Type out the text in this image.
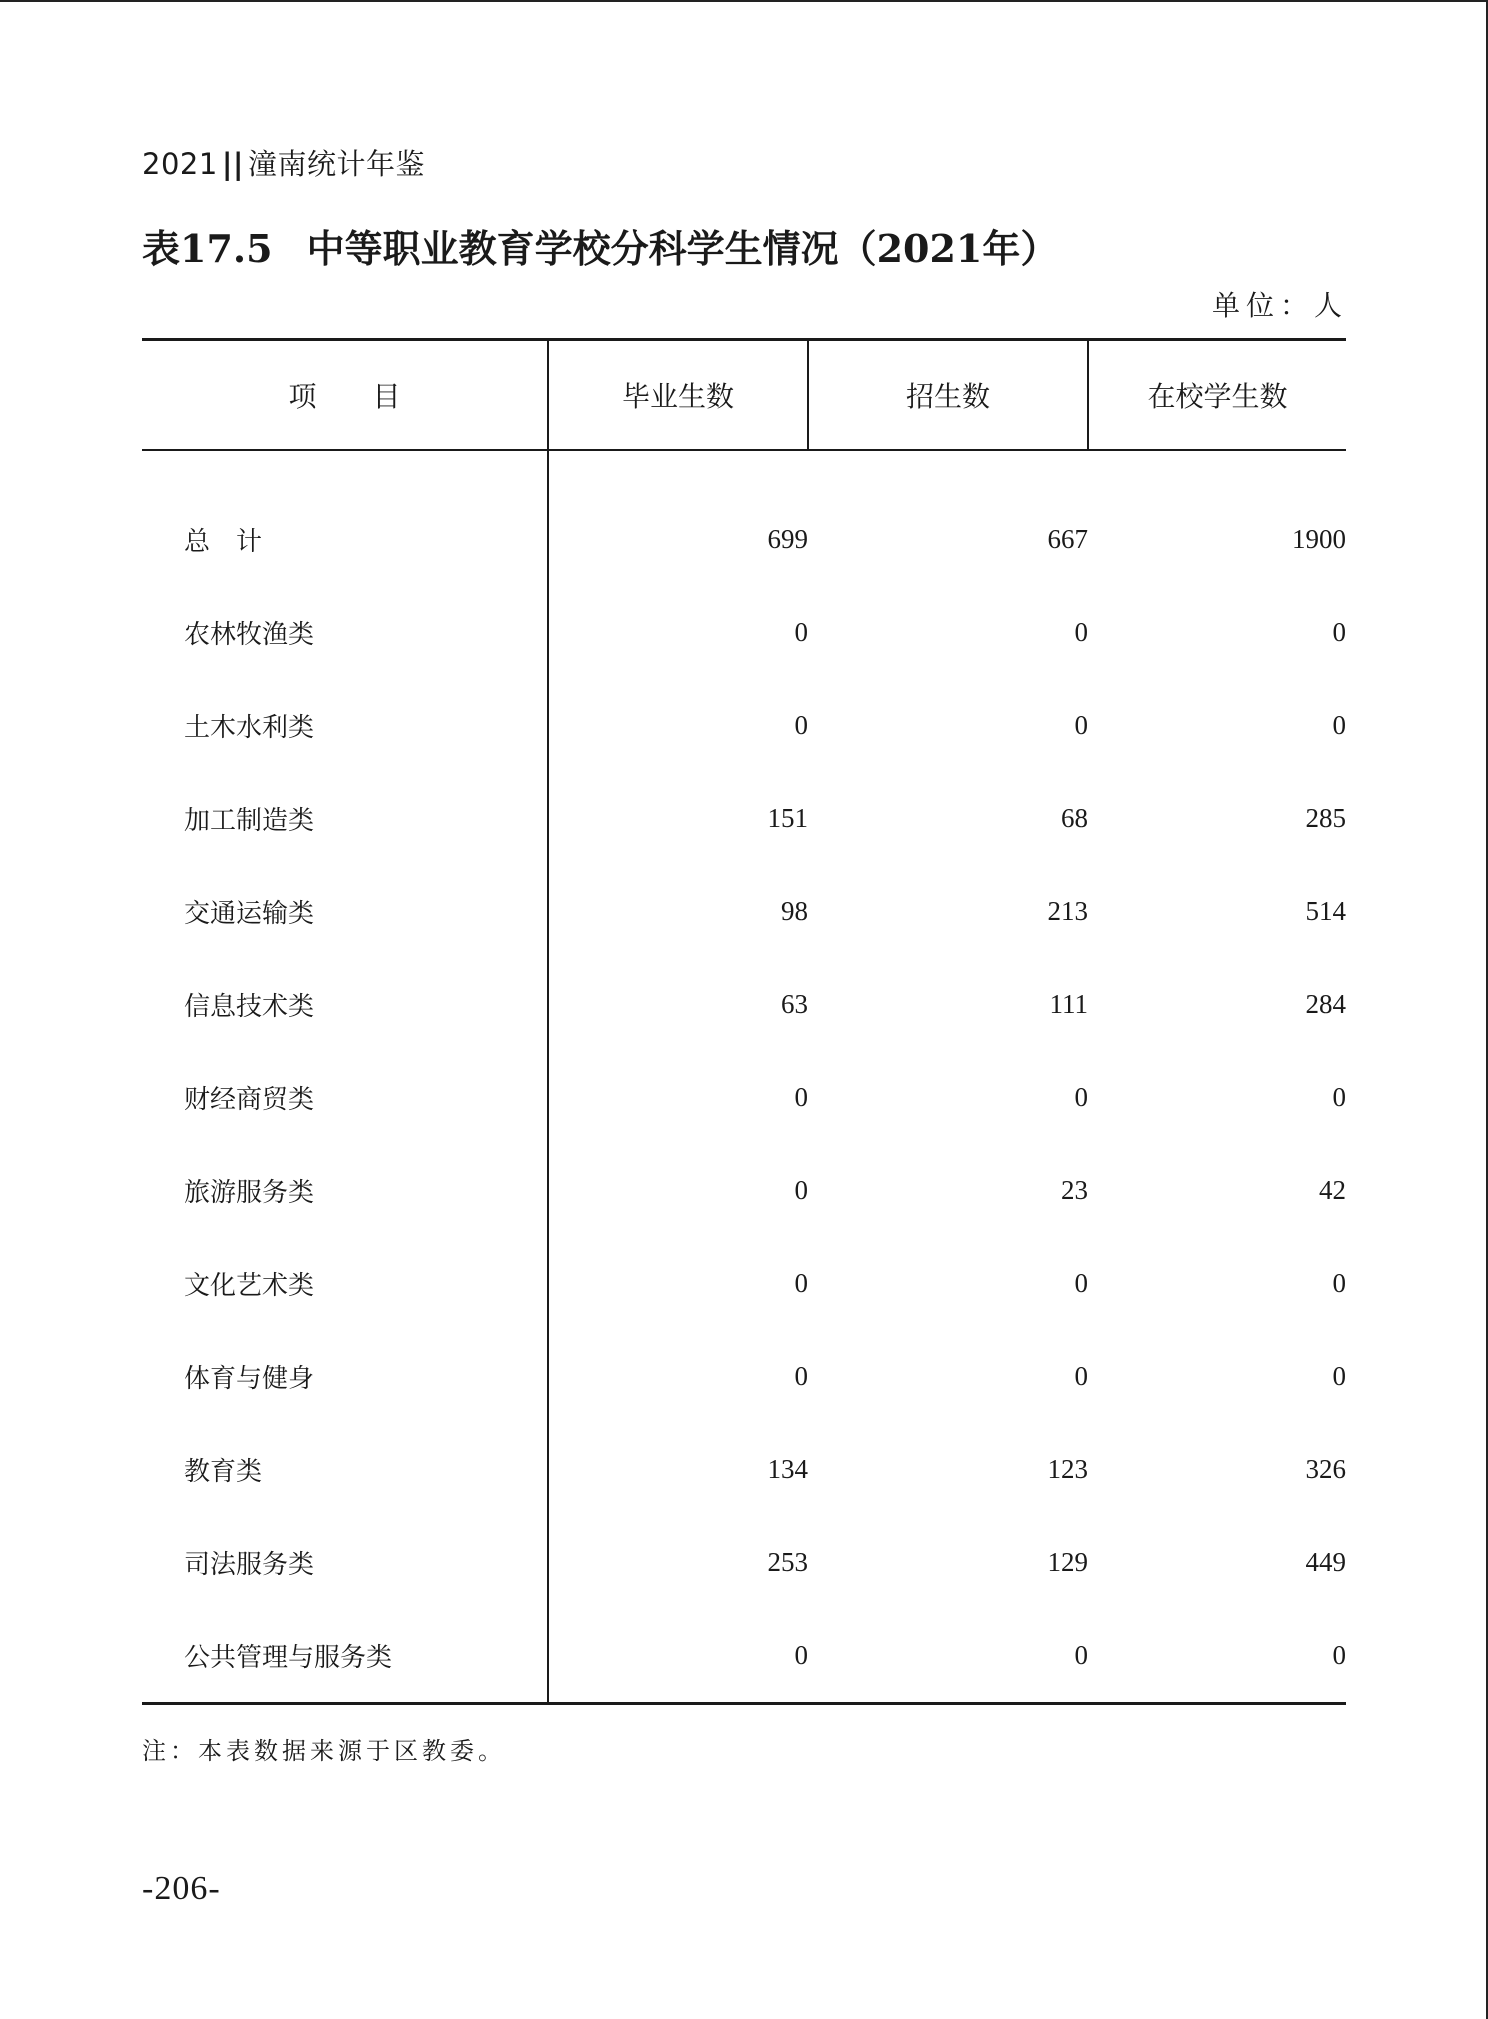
2021 || 潼南统计年鉴
表17.5 中等职业教育学校分科学生情况（2021年）
单位：人
项　　目	毕业生数	招生数	在校学生数

总　计	699	667	1900
农林牧渔类	0	0	0
土木水利类	0	0	0
加工制造类	151	68	285
交通运输类	98	213	514
信息技术类	63	111	284
财经商贸类	0	0	0
旅游服务类	0	23	42
文化艺术类	0	0	0
体育与健身	0	0	0
教育类	134	123	326
司法服务类	253	129	449
公共管理与服务类	0	0	0
注：本表数据来源于区教委。
-206-
